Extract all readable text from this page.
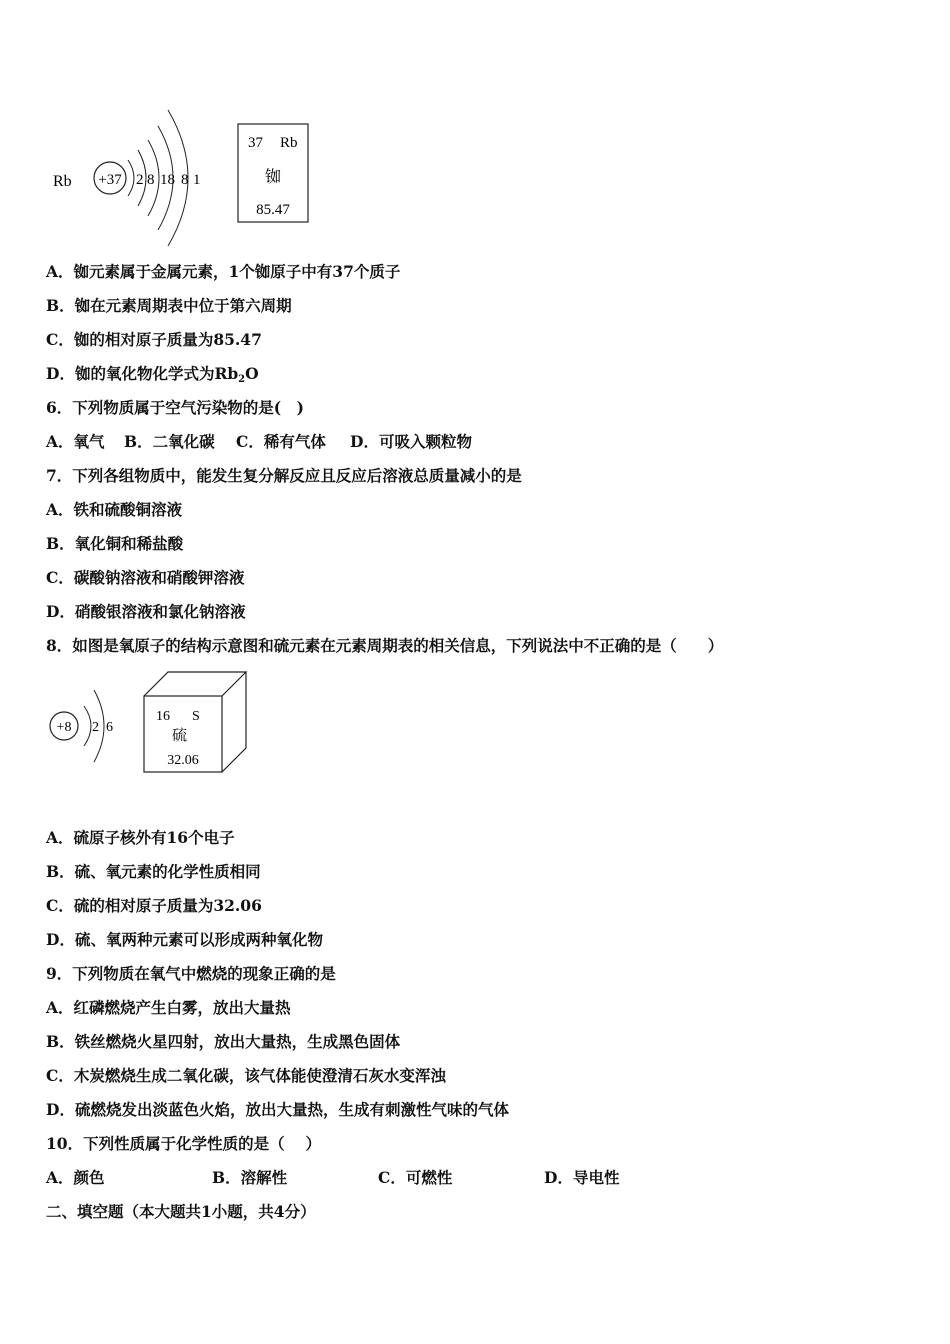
Rb +37 2 8 18 8 1
37 Rb
铷
85.47
A．铷元素属于金属元素，1个铷原子中有37个质子
B．铷在元素周期表中位于第六周期
C．铷的相对原子质量为85.47
D．铷的氧化物化学式为$Rb_2O$
6．下列物质属于空气污染物的是(　)
A．氧气 B．二氧化碳 C．稀有气体 D．可吸入颗粒物
7．下列各组物质中，能发生复分解反应且反应后溶液总质量减小的是
A．铁和硫酸铜溶液
B．氧化铜和稀盐酸
C．碳酸钠溶液和硝酸钾溶液
D．硝酸银溶液和氯化钠溶液
8．如图是氧原子的结构示意图和硫元素在元素周期表的相关信息，下列说法中不正确的是（　　）
+8 2 6
16 S
硫
32.06
A．硫原子核外有16个电子
B．硫、氧元素的化学性质相同
C．硫的相对原子质量为32.06
D．硫、氧两种元素可以形成两种氧化物
9．下列物质在氧气中燃烧的现象正确的是
A．红磷燃烧产生白雾，放出大量热
B．铁丝燃烧火星四射，放出大量热，生成黑色固体
C．木炭燃烧生成二氧化碳，该气体能使澄清石灰水变浑浊
D．硫燃烧发出淡蓝色火焰，放出大量热，生成有刺激性气味的气体
10．下列性质属于化学性质的是（　 ）
A．颜色	B．溶解性	C．可燃性	D．导电性
二、填空题（本大题共1小题，共4分）
